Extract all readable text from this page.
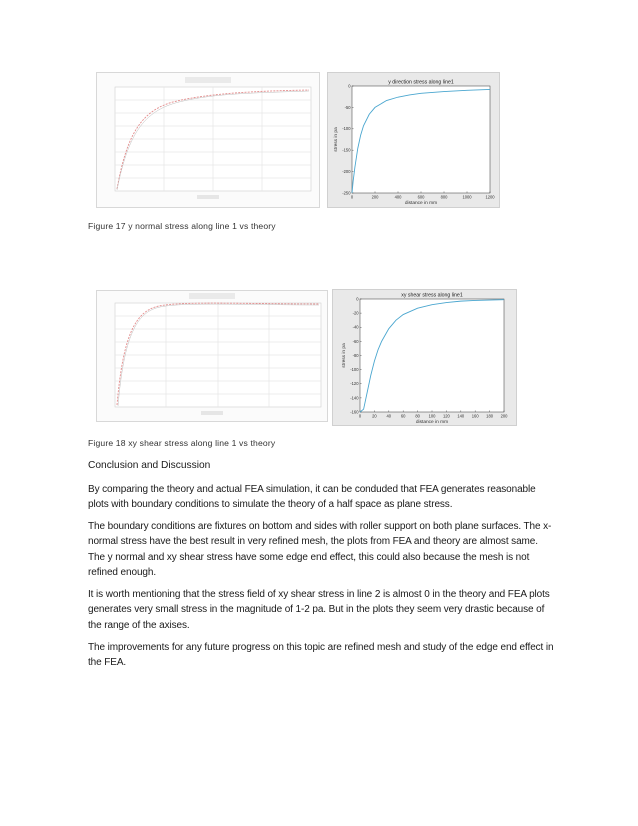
y direction stress along line1
0	200	400	600	800	1000	1200
0
-50
-100
-150
-200
-250
distance in mm
stress in pa
Figure 17 y normal stress along line 1 vs theory
xy shear stress along line1
0	20 40 60 80 100 120 140 160 180 200
0
-20
-40
-60
-80
-100
-120
-140
-160
distance in mm
stress in pa
Figure 18 xy shear stress along line 1 vs theory
Conclusion and Discussion

By comparing the theory and actual FEA simulation, it can be conduded that FEA generates reasonable plots with boundary conditions to simulate the theory of a half space as plane stress.

The boundary conditions are fixtures on bottom and sides with roller support on both plane surfaces. The x-normal stress have the best result in very refined mesh, the plots from FEA and theory are almost same. The y normal and xy shear stress have some edge end effect, this could also because the mesh is not refined enough.

It is worth mentioning that the stress field of xy shear stress in line 2 is almost 0 in the theory and FEA plots generates very small stress in the magnitude of 1-2 pa. But in the plots they seem very drastic because of the range of the axises.

The improvements for any future progress on this topic are refined mesh and study of the edge end effect in the FEA.
